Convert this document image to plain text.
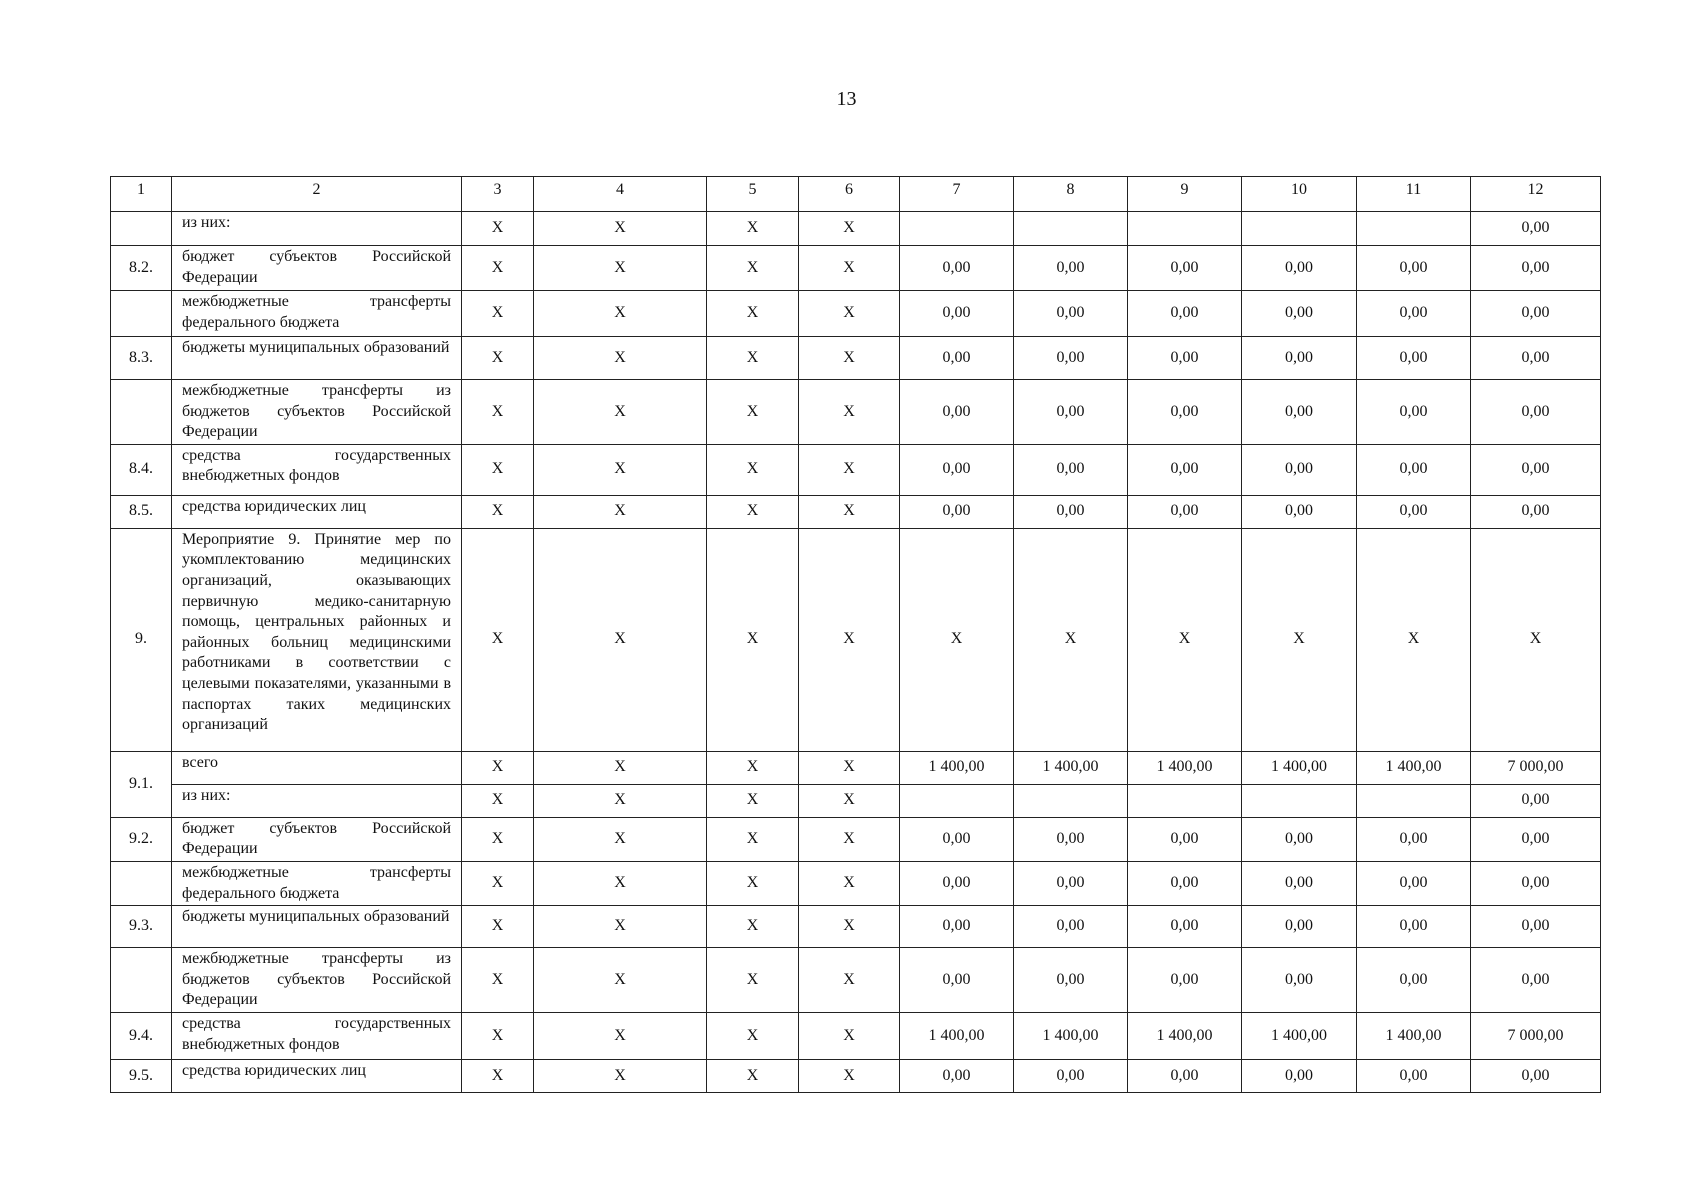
13
1	2	3	4	5	6	7	8	9	10	11	12
	из них:	X	X	X	X						0,00
8.2.	бюджет субъектов Российской Федерации	X	X	X	X	0,00	0,00	0,00	0,00	0,00	0,00
	межбюджетные трансферты федерального бюджета	X	X	X	X	0,00	0,00	0,00	0,00	0,00	0,00
8.3.	бюджеты муниципальных образований	X	X	X	X	0,00	0,00	0,00	0,00	0,00	0,00
	межбюджетные трансферты из бюджетов субъектов Российской Федерации	X	X	X	X	0,00	0,00	0,00	0,00	0,00	0,00
8.4.	средства государственных внебюджетных фондов	X	X	X	X	0,00	0,00	0,00	0,00	0,00	0,00
8.5.	средства юридических лиц	X	X	X	X	0,00	0,00	0,00	0,00	0,00	0,00
9.	Мероприятие 9. Принятие мер по укомплектованию медицинских организаций, оказывающих первичную медико-санитарную помощь, центральных районных и районных больниц медицинскими работниками в соответствии с целевыми показателями, указанными в паспортах таких медицинских организаций	X	X	X	X	X	X	X	X	X	X
9.1.	всего	X	X	X	X	1 400,00	1 400,00	1 400,00	1 400,00	1 400,00	7 000,00
	из них:	X	X	X	X						0,00
9.2.	бюджет субъектов Российской Федерации	X	X	X	X	0,00	0,00	0,00	0,00	0,00	0,00
	межбюджетные трансферты федерального бюджета	X	X	X	X	0,00	0,00	0,00	0,00	0,00	0,00
9.3.	бюджеты муниципальных образований	X	X	X	X	0,00	0,00	0,00	0,00	0,00	0,00
	межбюджетные трансферты из бюджетов субъектов Российской Федерации	X	X	X	X	0,00	0,00	0,00	0,00	0,00	0,00
9.4.	средства государственных внебюджетных фондов	X	X	X	X	1 400,00	1 400,00	1 400,00	1 400,00	1 400,00	7 000,00
9.5.	средства юридических лиц	X	X	X	X	0,00	0,00	0,00	0,00	0,00	0,00
